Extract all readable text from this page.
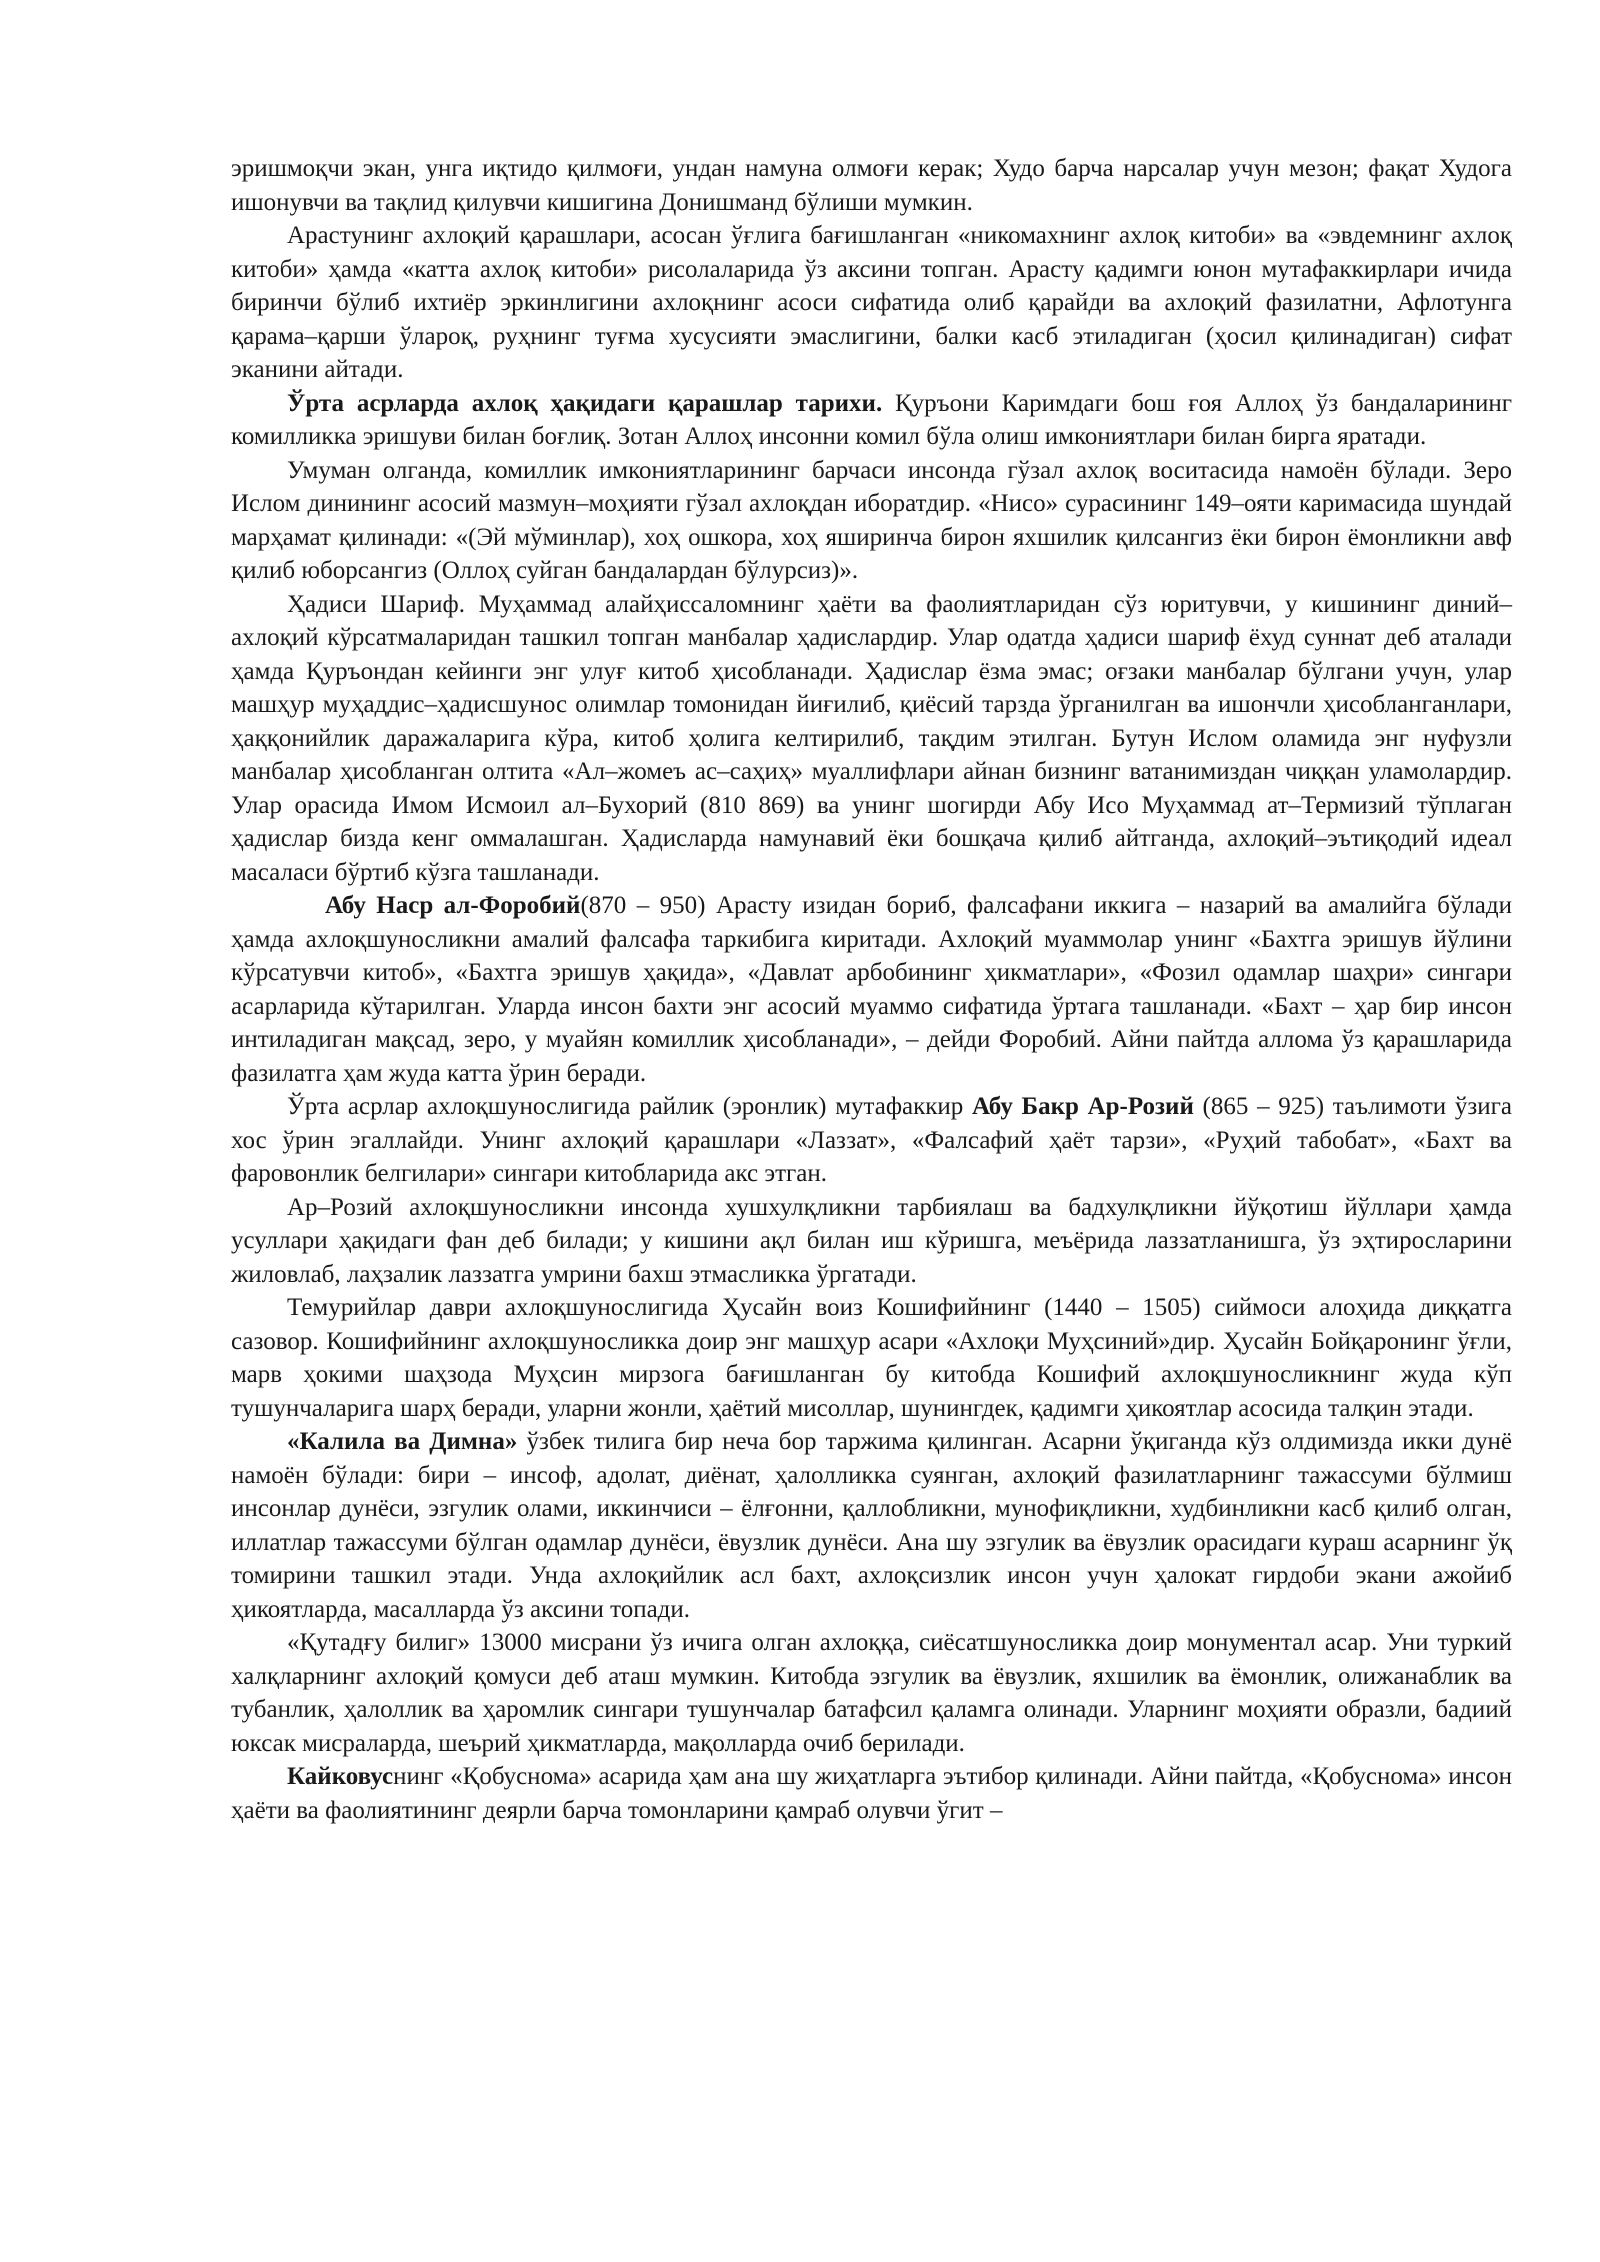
эришмоқчи экан, унга иқтидо қилмоғи, ундан намуна олмоғи керак; Худо барча нарсалар учун мезон; фақат Худога ишонувчи ва тақлид қилувчи кишигина Донишманд бўлиши мумкин.

Арастунинг ахлоқий қарашлари, асосан ўғлига бағишланган «никомахнинг ахлоқ китоби» ва «эвдемнинг ахлоқ китоби» ҳамда «катта ахлоқ китоби» рисолаларида ўз аксини топган. Арасту қадимги юнон мутафаккирлари ичида биринчи бўлиб ихтиёр эркинлигини ахлоқнинг асоси сифатида олиб қарайди ва ахлоқий фазилатни, Афлотунга қарама–қарши ўлароқ, руҳнинг туғма хусусияти эмаслигини, балки касб этиладиган (ҳосил қилинадиган) сифат эканини айтади.

Ўрта асрларда ахлоқ ҳақидаги қарашлар тарихи. Қуръони Каримдаги бош ғоя Аллоҳ ўз бандаларининг комилликка эришуви билан боғлиқ. Зотан Аллоҳ инсонни комил бўла олиш имкониятлари билан бирга яратади.

Умуман олганда, комиллик имкониятларининг барчаси инсонда гўзал ахлоқ воситасида намоён бўлади. Зеро Ислом динининг асосий мазмун–моҳияти гўзал ахлоқдан иборатдир. «Нисо» сурасининг 149–ояти каримасида шундай марҳамат қилинади: «(Эй мўминлар), хоҳ ошкора, хоҳ яширинча бирон яхшилик қилсангиз ёки бирон ёмонликни авф қилиб юборсангиз (Оллоҳ суйган бандалардан бўлурсиз)».

Ҳадиси Шариф. Муҳаммад алайҳиссаломнинг ҳаёти ва фаолиятларидан сўз юритувчи, у кишининг диний–ахлоқий кўрсатмаларидан ташкил топган манбалар ҳадислардир. Улар одатда ҳадиси шариф ёхуд суннат деб аталади ҳамда Қуръондан кейинги энг улуғ китоб ҳисобланади. Ҳадислар ёзма эмас; оғзаки манбалар бўлгани учун, улар машҳур муҳаддис–ҳадисшунос олимлар томонидан йиғилиб, қиёсий тарзда ўрганилган ва ишончли ҳисобланганлари, ҳаққонийлик даражаларига кўра, китоб ҳолига келтирилиб, тақдим этилган. Бутун Ислом оламида энг нуфузли манбалар ҳисобланган олтита «Ал–жомеъ ас–саҳиҳ» муаллифлари айнан бизнинг ватанимиздан чиққан уламолардир. Улар орасида Имом Исмоил ал–Бухорий (810 869) ва унинг шогирди Абу Исо Муҳаммад ат–Термизий тўплаган ҳадислар бизда кенг оммалашган. Ҳадисларда намунавий ёки бошқача қилиб айтганда, ахлоқий–эътиқодий идеал масаласи бўртиб кўзга ташланади.

Абу Наср ал-Форобий(870 – 950) Арасту изидан бориб, фалсафани иккига – назарий ва амалийга бўлади ҳамда ахлоқшуносликни амалий фалсафа таркибига киритади. Ахлоқий муаммолар унинг «Бахтга эришув йўлини кўрсатувчи китоб», «Бахтга эришув ҳақида», «Давлат арбобининг ҳикматлари», «Фозил одамлар шаҳри» сингари асарларида кўтарилган. Уларда инсон бахти энг асосий муаммо сифатида ўртага ташланади. «Бахт – ҳар бир инсон интиладиган мақсад, зеро, у муайян комиллик ҳисобланади», – дейди Форобий. Айни пайтда аллома ўз қарашларида фазилатга ҳам жуда катта ўрин беради.

Ўрта асрлар ахлоқшунослигида райлик (эронлик) мутафаккир Абу Бакр Ар-Розий (865 – 925) таълимоти ўзига хос ўрин эгаллайди. Унинг ахлоқий қарашлари «Лаззат», «Фалсафий ҳаёт тарзи», «Руҳий табобат», «Бахт ва фаровонлик белгилари» сингари китобларида акс этган.

Ар–Розий ахлоқшуносликни инсонда хушхулқликни тарбиялаш ва бадхулқликни йўқотиш йўллари ҳамда усуллари ҳақидаги фан деб билади; у кишини ақл билан иш кўришга, меъёрида лаззатланишга, ўз эҳтиросларини жиловлаб, лаҳзалик лаззатга умрини бахш этмасликка ўргатади.

Темурийлар даври ахлоқшунослигида Ҳусайн воиз Кошифийнинг (1440 – 1505) сиймоси алоҳида диққатга сазовор. Кошифийнинг ахлоқшуносликка доир энг машҳур асари «Ахлоқи Муҳсиний»дир. Ҳусайн Бойқаронинг ўғли, марв ҳокими шаҳзода Муҳсин мирзога бағишланган бу китобда Кошифий ахлоқшуносликнинг жуда кўп тушунчаларига шарҳ беради, уларни жонли, ҳаётий мисоллар, шунингдек, қадимги ҳикоятлар асосида талқин этади.

«Калила ва Димна» ўзбек тилига бир неча бор таржима қилинган. Асарни ўқиганда кўз олдимизда икки дунё намоён бўлади: бири – инсоф, адолат, диёнат, ҳалолликка суянган, ахлоқий фазилатларнинг тажассуми бўлмиш инсонлар дунёси, эзгулик олами, иккинчиси – ёлғонни, қаллобликни, мунофиқликни, худбинликни касб қилиб олган, иллатлар тажассуми бўлган одамлар дунёси, ёвузлик дунёси. Ана шу эзгулик ва ёвузлик орасидаги кураш асарнинг ўқ томирини ташкил этади. Унда ахлоқийлик асл бахт, ахлоқсизлик инсон учун ҳалокат гирдоби экани ажойиб ҳикоятларда, масалларда ўз аксини топади.

«Қутадғу билиг» 13000 мисрани ўз ичига олган ахлоққа, сиёсатшуносликка доир монументал асар. Уни туркий халқларнинг ахлоқий қомуси деб аташ мумкин. Китобда эзгулик ва ёвузлик, яхшилик ва ёмонлик, олижанаблик ва тубанлик, ҳалоллик ва ҳаромлик сингари тушунчалар батафсил қаламга олинади. Уларнинг моҳияти образли, бадиий юксак мисраларда, шеърий ҳикматларда, мақолларда очиб берилади.

Кайковуснинг «Қобуснома» асарида ҳам ана шу жиҳатларга эътибор қилинади. Айни пайтда, «Қобуснома» инсон ҳаёти ва фаолиятининг деярли барча томонларини қамраб олувчи ўгит –
